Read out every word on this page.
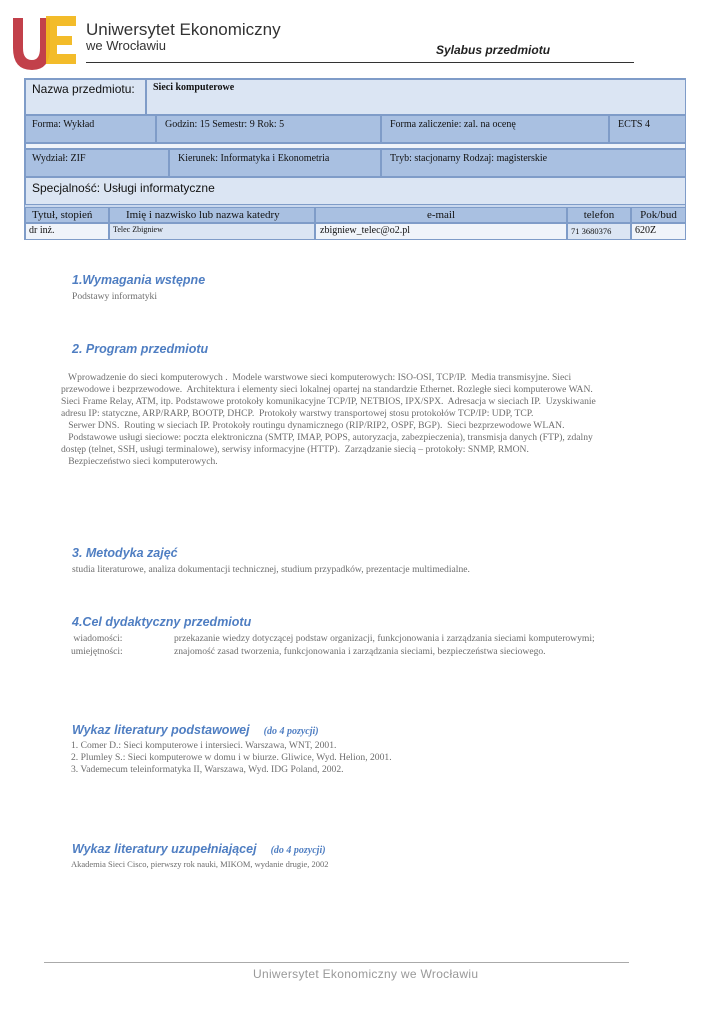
Uniwersytet Ekonomiczny
we Wrocławiu	Sylabus przedmiotu
Nazwa przedmiotu:	Sieci komputerowe
Forma: Wykład	Godzin: 15 Semestr: 9 Rok: 5	Forma zaliczenie: zal. na ocenę	ECTS 4
Wydział: ZIF	Kierunek: Informatyka i Ekonometria	Tryb: stacjonarny Rodzaj: magisterskie
Specjalność: Usługi informatyczne
Tytuł, stopień	Imię i nazwisko lub nazwa katedry	e-mail	telefon	Pok/bud
dr inż.	Telec Zbigniew	zbigniew_telec@o2.pl	71 3680376	620Z
1.Wymagania wstępne
Podstawy informatyki
2. Program przedmiotu

Wprowadzenie do sieci komputerowych .  Modele warstwowe sieci komputerowych: ISO-OSI, TCP/IP.  Media transmisyjne. Sieci
przewodowe i bezprzewodowe.  Architektura i elementy sieci lokalnej opartej na standardzie Ethernet. Rozległe sieci komputerowe WAN.
Sieci Frame Relay, ATM, itp. Podstawowe protokoły komunikacyjne TCP/IP, NETBIOS, IPX/SPX.  Adresacja w sieciach IP.  Uzyskiwanie
adresu IP: statyczne, ARP/RARP, BOOTP, DHCP.  Protokoły warstwy transportowej stosu protokołów TCP/IP: UDP, TCP.
Serwer DNS.  Routing w sieciach IP. Protokoły routingu dynamicznego (RIP/RIP2, OSPF, BGP).  Sieci bezprzewodowe WLAN.
Podstawowe usługi sieciowe: poczta elektroniczna (SMTP, IMAP, POPS, autoryzacja, zabezpieczenia), transmisja danych (FTP), zdalny
dostęp (telnet, SSH, usługi terminalowe), serwisy informacyjne (HTTP).  Zarządzanie siecią – protokoły: SNMP, RMON.
Bezpieczeństwo sieci komputerowych.

3. Metodyka zajęć
studia literaturowe, analiza dokumentacji technicznej, studium przypadków, prezentacje multimedialne.
4.Cel dydaktyczny przedmiotu
wiadomości:	przekazanie wiedzy dotyczącej podstaw organizacji, funkcjonowania i zarządzania sieciami komputerowymi;
umiejętności:	znajomość zasad tworzenia, funkcjonowania i zarządzania sieciami, bezpieczeństwa sieciowego.
Wykaz literatury podstawowej (do 4 pozycji)
1. Comer D.: Sieci komputerowe i intersieci. Warszawa, WNT, 2001.
2. Plumley S.: Sieci komputerowe w domu i w biurze. Gliwice, Wyd. Helion, 2001.
3. Vademecum teleinformatyka II, Warszawa, Wyd. IDG Poland, 2002.
Wykaz literatury uzupełniającej (do 4 pozycji)
Akademia Sieci Cisco, pierwszy rok nauki, MIKOM, wydanie drugie, 2002
Uniwersytet Ekonomiczny we Wrocławiu
